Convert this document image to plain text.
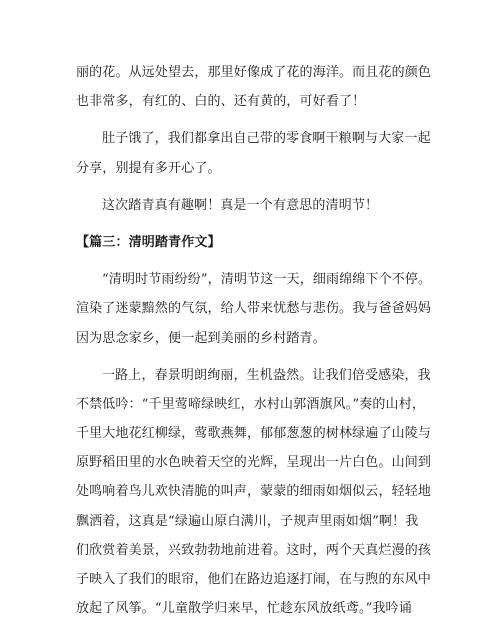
丽的花。从远处望去，那里好像成了花的海洋。而且花的颜色
也非常多，有红的、白的、还有黄的，可好看了！
肚子饿了，我们都拿出自己带的零食啊干粮啊与大家一起
分享，别提有多开心了。
这次踏青真有趣啊！真是一个有意思的清明节！
【篇三：清明踏青作文】
“清明时节雨纷纷”，清明节这一天，细雨绵绵下个不停。
渲染了迷蒙黯然的气氛，给人带来忧愁与悲伤。我与爸爸妈妈
因为思念家乡，便一起到美丽的乡村踏青。
一路上，春景明朗绚丽，生机盎然。让我们倍受感染，我
不禁低吟：“千里莺啼绿映红，水村山郭酒旗风。”奏的山村，
千里大地花红柳绿，莺歌燕舞，郁郁葱葱的树林绿遍了山陵与
原野稻田里的水色映着天空的光辉，呈现出一片白色。山间到
处鸣响着鸟儿欢快清脆的叫声，蒙蒙的细雨如烟似云，轻轻地
飘洒着，这真是“绿遍山原白满川，子规声里雨如烟”啊！我
们欣赏着美景，兴致勃勃地前进着。这时，两个天真烂漫的孩
子映入了我们的眼帘，他们在路边追逐打闹，在与煦的东风中
放起了风筝。“儿童散学归来早，忙趁东风放纸鸢。”我吟诵
